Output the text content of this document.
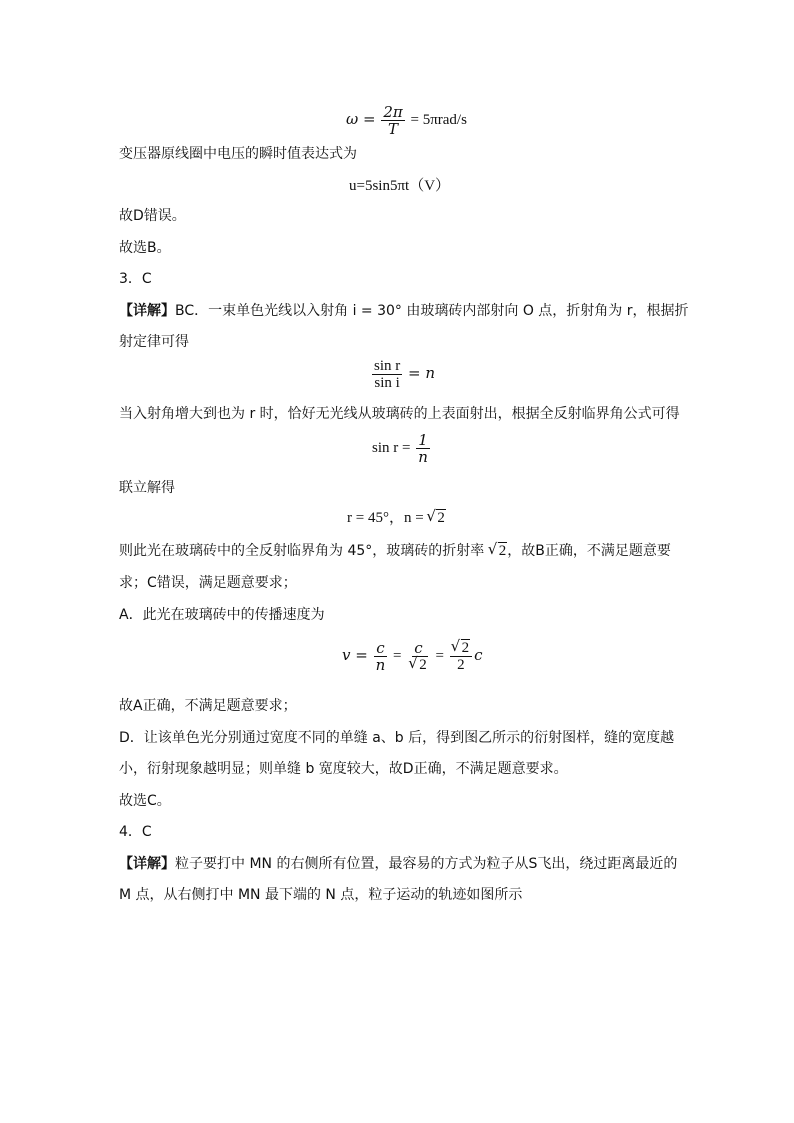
$\omega = \frac{2\pi}{T} = 5\pi rad/s$
变压器原线圈中电压的瞬时值表达式为
u=5sin5πt（V）
故D错误。
故选B。
3．C
【详解】BC．一束单色光线以入射角 i = 30° 由玻璃砖内部射向 O 点，折射角为 r，根据折
射定律可得
$\frac{\text{sin r}}{\text{sin i}} = n$
当入射角增大到也为 r 时，恰好无光线从玻璃砖的上表面射出，根据全反射临界角公式可得
$\sin r = \frac{1}{n}$
联立解得
r = 45°，n = √ 2
则此光在玻璃砖中的全反射临界角为 45°，玻璃砖的折射率 √ 2，故B正确，不满足题意要
求；C错误，满足题意要求；
A．此光在玻璃砖中的传播速度为
$v = \frac{c}{n} = c$
√ 2 = √ $\frac{2}{2}$ c
故A正确，不满足题意要求；
D．让该单色光分别通过宽度不同的单缝 a、b 后，得到图乙所示的衍射图样，缝的宽度越
小，衍射现象越明显；则单缝 b 宽度较大，故D正确，不满足题意要求。
故选C。
4．C
【详解】粒子要打中 MN 的右侧所有位置，最容易的方式为粒子从S飞出，绕过距离最近的
M 点，从右侧打中 MN 最下端的 N 点，粒子运动的轨迹如图所示
